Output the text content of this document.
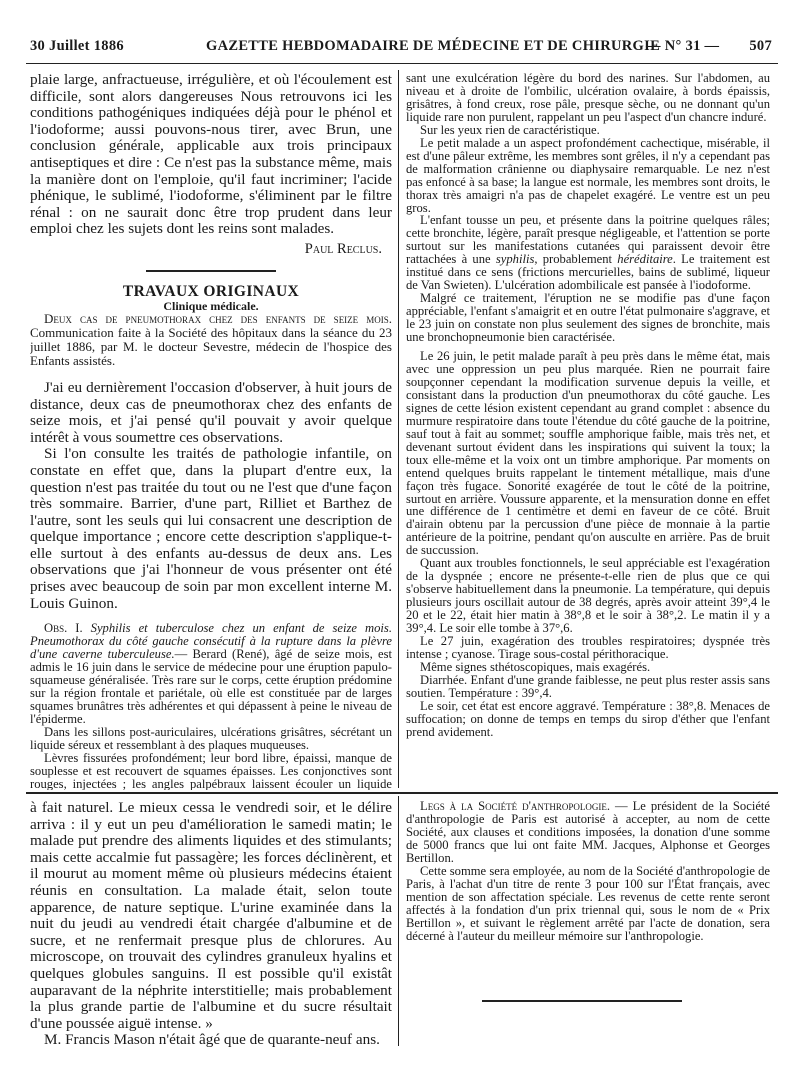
30 Juillet 1886	GAZETTE HEBDOMADAIRE DE MÉDECINE ET DE CHIRURGIE
— N° 31 — 507

plaie large, anfractueuse, irrégulière, et où l'écoulement est difficile, sont alors dangereuses Nous retrouvons ici les conditions pathogéniques indiquées déjà pour le phénol et l'iodoforme; aussi pouvons-nous tirer, avec Brun, une conclusion générale, applicable aux trois principaux antiseptiques et dire : Ce n'est pas la substance même, mais la manière dont on l'emploie, qu'il faut incriminer; l'acide phénique, le sublimé, l'iodoforme, s'éliminent par le filtre rénal : on ne saurait donc être trop prudent dans leur emploi chez les sujets dont les reins sont malades.

Paul Reclus.

TRAVAUX ORIGINAUX

Clinique médicale.

Deux cas de pneumothorax chez des enfants de seize mois. Communication faite à la Société des hôpitaux dans la séance du 23 juillet 1886, par M. le docteur Sevestre, médecin de l'hospice des Enfants assistés.

J'ai eu dernièrement l'occasion d'observer, à huit jours de distance, deux cas de pneumothorax chez des enfants de seize mois, et j'ai pensé qu'il pouvait y avoir quelque intérêt à vous soumettre ces observations.

Si l'on consulte les traités de pathologie infantile, on constate en effet que, dans la plupart d'entre eux, la question n'est pas traitée du tout ou ne l'est que d'une façon très sommaire. Barrier, d'une part, Rilliet et Barthez de l'autre, sont les seuls qui lui consacrent une description de quelque importance ; encore cette description s'applique-t-elle surtout à des enfants au-dessus de deux ans. Les observations que j'ai l'honneur de vous présenter ont été prises avec beaucoup de soin par mon excellent interne M. Louis Guinon.

Obs. I. Syphilis et tuberculose chez un enfant de seize mois. Pneumothorax du côté gauche consécutif à la rupture dans la plèvre d'une caverne tuberculeuse.— Berard (René), âgé de seize mois, est admis le 16 juin dans le service de médecine pour une éruption papulo-squameuse généralisée. Très rare sur le corps, cette éruption prédomine sur la région frontale et pariétale, où elle est constituée par de larges squames brunâtres très adhérentes et qui dépassent à peine le niveau de l'épiderme.

Dans les sillons post-auriculaires, ulcérations grisâtres, sécrétant un liquide séreux et ressemblant à des plaques muqueuses.

Lèvres fissurées profondément; leur bord libre, épaissi, manque de souplesse et est recouvert de squames épaisses. Les conjonctives sont rouges, injectées ; les angles palpébraux laissent écouler un liquide

sant une exulcération légère du bord des narines. Sur l'abdomen, au niveau et à droite de l'ombilic, ulcération ovalaire, à bords épaissis, grisâtres, à fond creux, rose pâle, presque sèche, ou ne donnant qu'un liquide rare non purulent, rappelant un peu l'aspect d'un chancre induré.

Sur les yeux rien de caractéristique.

Le petit malade a un aspect profondément cachectique, misérable, il est d'une pâleur extrême, les membres sont grêles, il n'y a cependant pas de malformation crânienne ou diaphysaire remarquable. Le nez n'est pas enfoncé à sa base; la langue est normale, les membres sont droits, le thorax très amaigri n'a pas de chapelet exagéré. Le ventre est un peu gros.

L'enfant tousse un peu, et présente dans la poitrine quelques râles; cette bronchite, légère, paraît presque négligeable, et l'attention se porte surtout sur les manifestations cutanées qui paraissent devoir être rattachées à une syphilis, probablement héréditaire. Le traitement est institué dans ce sens (frictions mercurielles, bains de sublimé, liqueur de Van Swieten). L'ulcération adombilicale est pansée à l'iodoforme.

Malgré ce traitement, l'éruption ne se modifie pas d'une façon appréciable, l'enfant s'amaigrit et en outre l'état pulmonaire s'aggrave, et le 23 juin on constate non plus seulement des signes de bronchite, mais une bronchopneumonie bien caractérisée.

Le 26 juin, le petit malade paraît à peu près dans le même état, mais avec une oppression un peu plus marquée. Rien ne pourrait faire soupçonner cependant la modification survenue depuis la veille, et consistant dans la production d'un pneumothorax du côté gauche. Les signes de cette lésion existent cependant au grand complet : absence du murmure respiratoire dans toute l'étendue du côté gauche de la poitrine, sauf tout à fait au sommet; souffle amphorique faible, mais très net, et devenant surtout évident dans les inspirations qui suivent la toux; la toux elle-même et la voix ont un timbre amphorique. Par moments on entend quelques bruits rappelant le tintement métallique, mais d'une façon très fugace. Sonorité exagérée de tout le côté de la poitrine, surtout en arrière. Voussure apparente, et la mensuration donne en effet une différence de 1 centimètre et demi en faveur de ce côté. Bruit d'airain obtenu par la percussion d'une pièce de monnaie à la partie antérieure de la poitrine, pendant qu'on ausculte en arrière. Pas de bruit de succussion.

Quant aux troubles fonctionnels, le seul appréciable est l'exagération de la dyspnée ; encore ne présente-t-elle rien de plus que ce qui s'observe habituellement dans la pneumonie. La température, qui depuis plusieurs jours oscillait autour de 38 degrés, après avoir atteint 39°,4 le 20 et le 22, était hier matin à 38°,8 et le soir à 38°,2. Le matin il y a 39°,4. Le soir elle tombe à 37°,6.

Le 27 juin, exagération des troubles respiratoires; dyspnée très intense ; cyanose. Tirage sous-costal périthoracique.

Même signes sthétoscopiques, mais exagérés.

Diarrhée. Enfant d'une grande faiblesse, ne peut plus rester assis sans soutien. Température : 39°,4.

Le soir, cet état est encore aggravé. Température : 38°,8. Menaces de suffocation; on donne de temps en temps du sirop d'éther que l'enfant prend avidement.

à fait naturel. Le mieux cessa le vendredi soir, et le délire arriva : il y eut un peu d'amélioration le samedi matin; le malade put prendre des aliments liquides et des stimulants; mais cette accalmie fut passagère; les forces déclinèrent, et il mourut au moment même où plusieurs médecins étaient réunis en consultation. La malade était, selon toute apparence, de nature septique. L'urine examinée dans la nuit du jeudi au vendredi était chargée d'albumine et de sucre, et ne renfermait presque plus de chlorures. Au microscope, on trouvait des cylindres granuleux hyalins et quelques globules sanguins. Il est possible qu'il existât auparavant de la néphrite interstitielle; mais probablement la plus grande partie de l'albumine et du sucre résultait d'une poussée aiguë intense. »

M. Francis Mason n'était âgé que de quarante-neuf ans.

Legs à la Société d'anthropologie. — Le président de la Société d'anthropologie de Paris est autorisé à accepter, au nom de cette Société, aux clauses et conditions imposées, la donation d'une somme de 5000 francs que lui ont faite MM. Jacques, Alphonse et Georges Bertillon.

Cette somme sera employée, au nom de la Société d'anthropologie de Paris, à l'achat d'un titre de rente 3 pour 100 sur l'État français, avec mention de son affectation spéciale. Les revenus de cette rente seront affectés à la fondation d'un prix triennal qui, sous le nom de « Prix Bertillon », et suivant le règlement arrêté par l'acte de donation, sera décerné à l'auteur du meilleur mémoire sur l'anthropologie.
